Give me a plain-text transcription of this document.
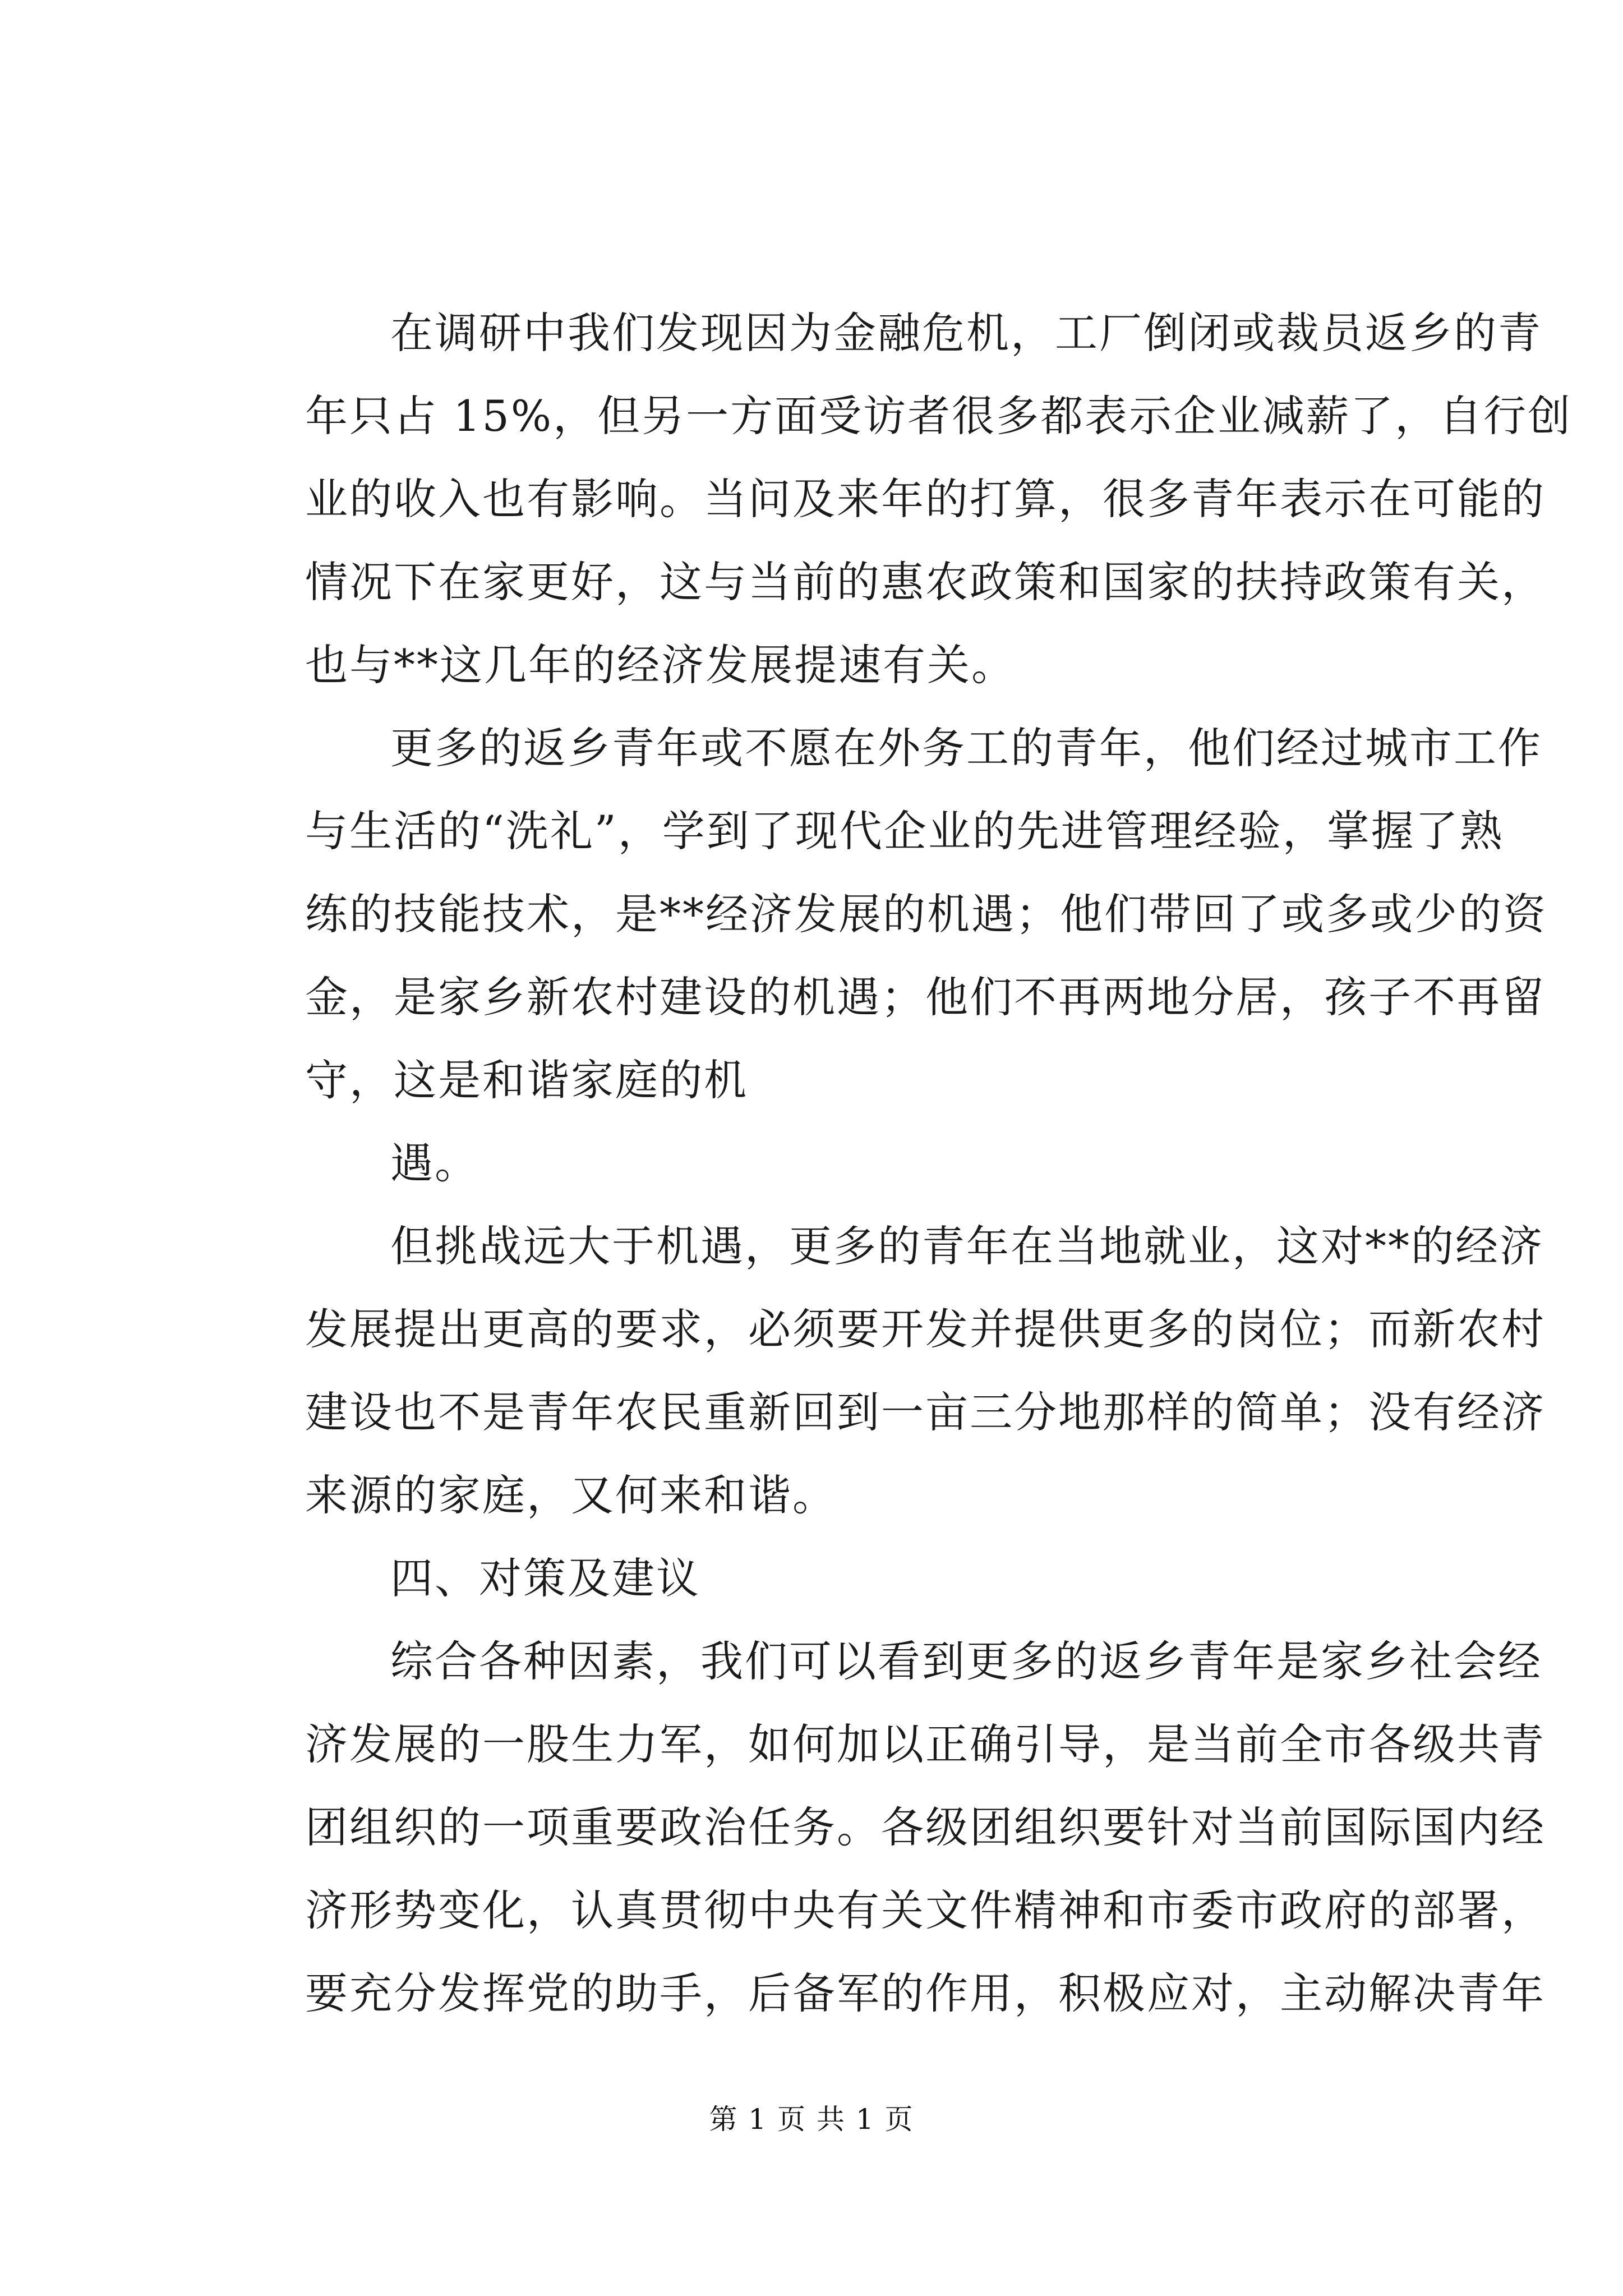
在调研中我们发现因为金融危机，工厂倒闭或裁员返乡的青
年只占 15%，但另一方面受访者很多都表示企业减薪了，自行创
业的收入也有影响。当问及来年的打算，很多青年表示在可能的
情况下在家更好，这与当前的惠农政策和国家的扶持政策有关，
也与**这几年的经济发展提速有关。
更多的返乡青年或不愿在外务工的青年，他们经过城市工作
与生活的“洗礼”，学到了现代企业的先进管理经验，掌握了熟
练的技能技术，是**经济发展的机遇；他们带回了或多或少的资
金，是家乡新农村建设的机遇；他们不再两地分居，孩子不再留
守，这是和谐家庭的机
遇。
但挑战远大于机遇，更多的青年在当地就业，这对**的经济
发展提出更高的要求，必须要开发并提供更多的岗位；而新农村
建设也不是青年农民重新回到一亩三分地那样的简单；没有经济
来源的家庭，又何来和谐。
四、对策及建议
综合各种因素，我们可以看到更多的返乡青年是家乡社会经
济发展的一股生力军，如何加以正确引导，是当前全市各级共青
团组织的一项重要政治任务。各级团组织要针对当前国际国内经
济形势变化，认真贯彻中央有关文件精神和市委市政府的部署，
要充分发挥党的助手，后备军的作用，积极应对，主动解决青年
第 1 页 共 1 页
